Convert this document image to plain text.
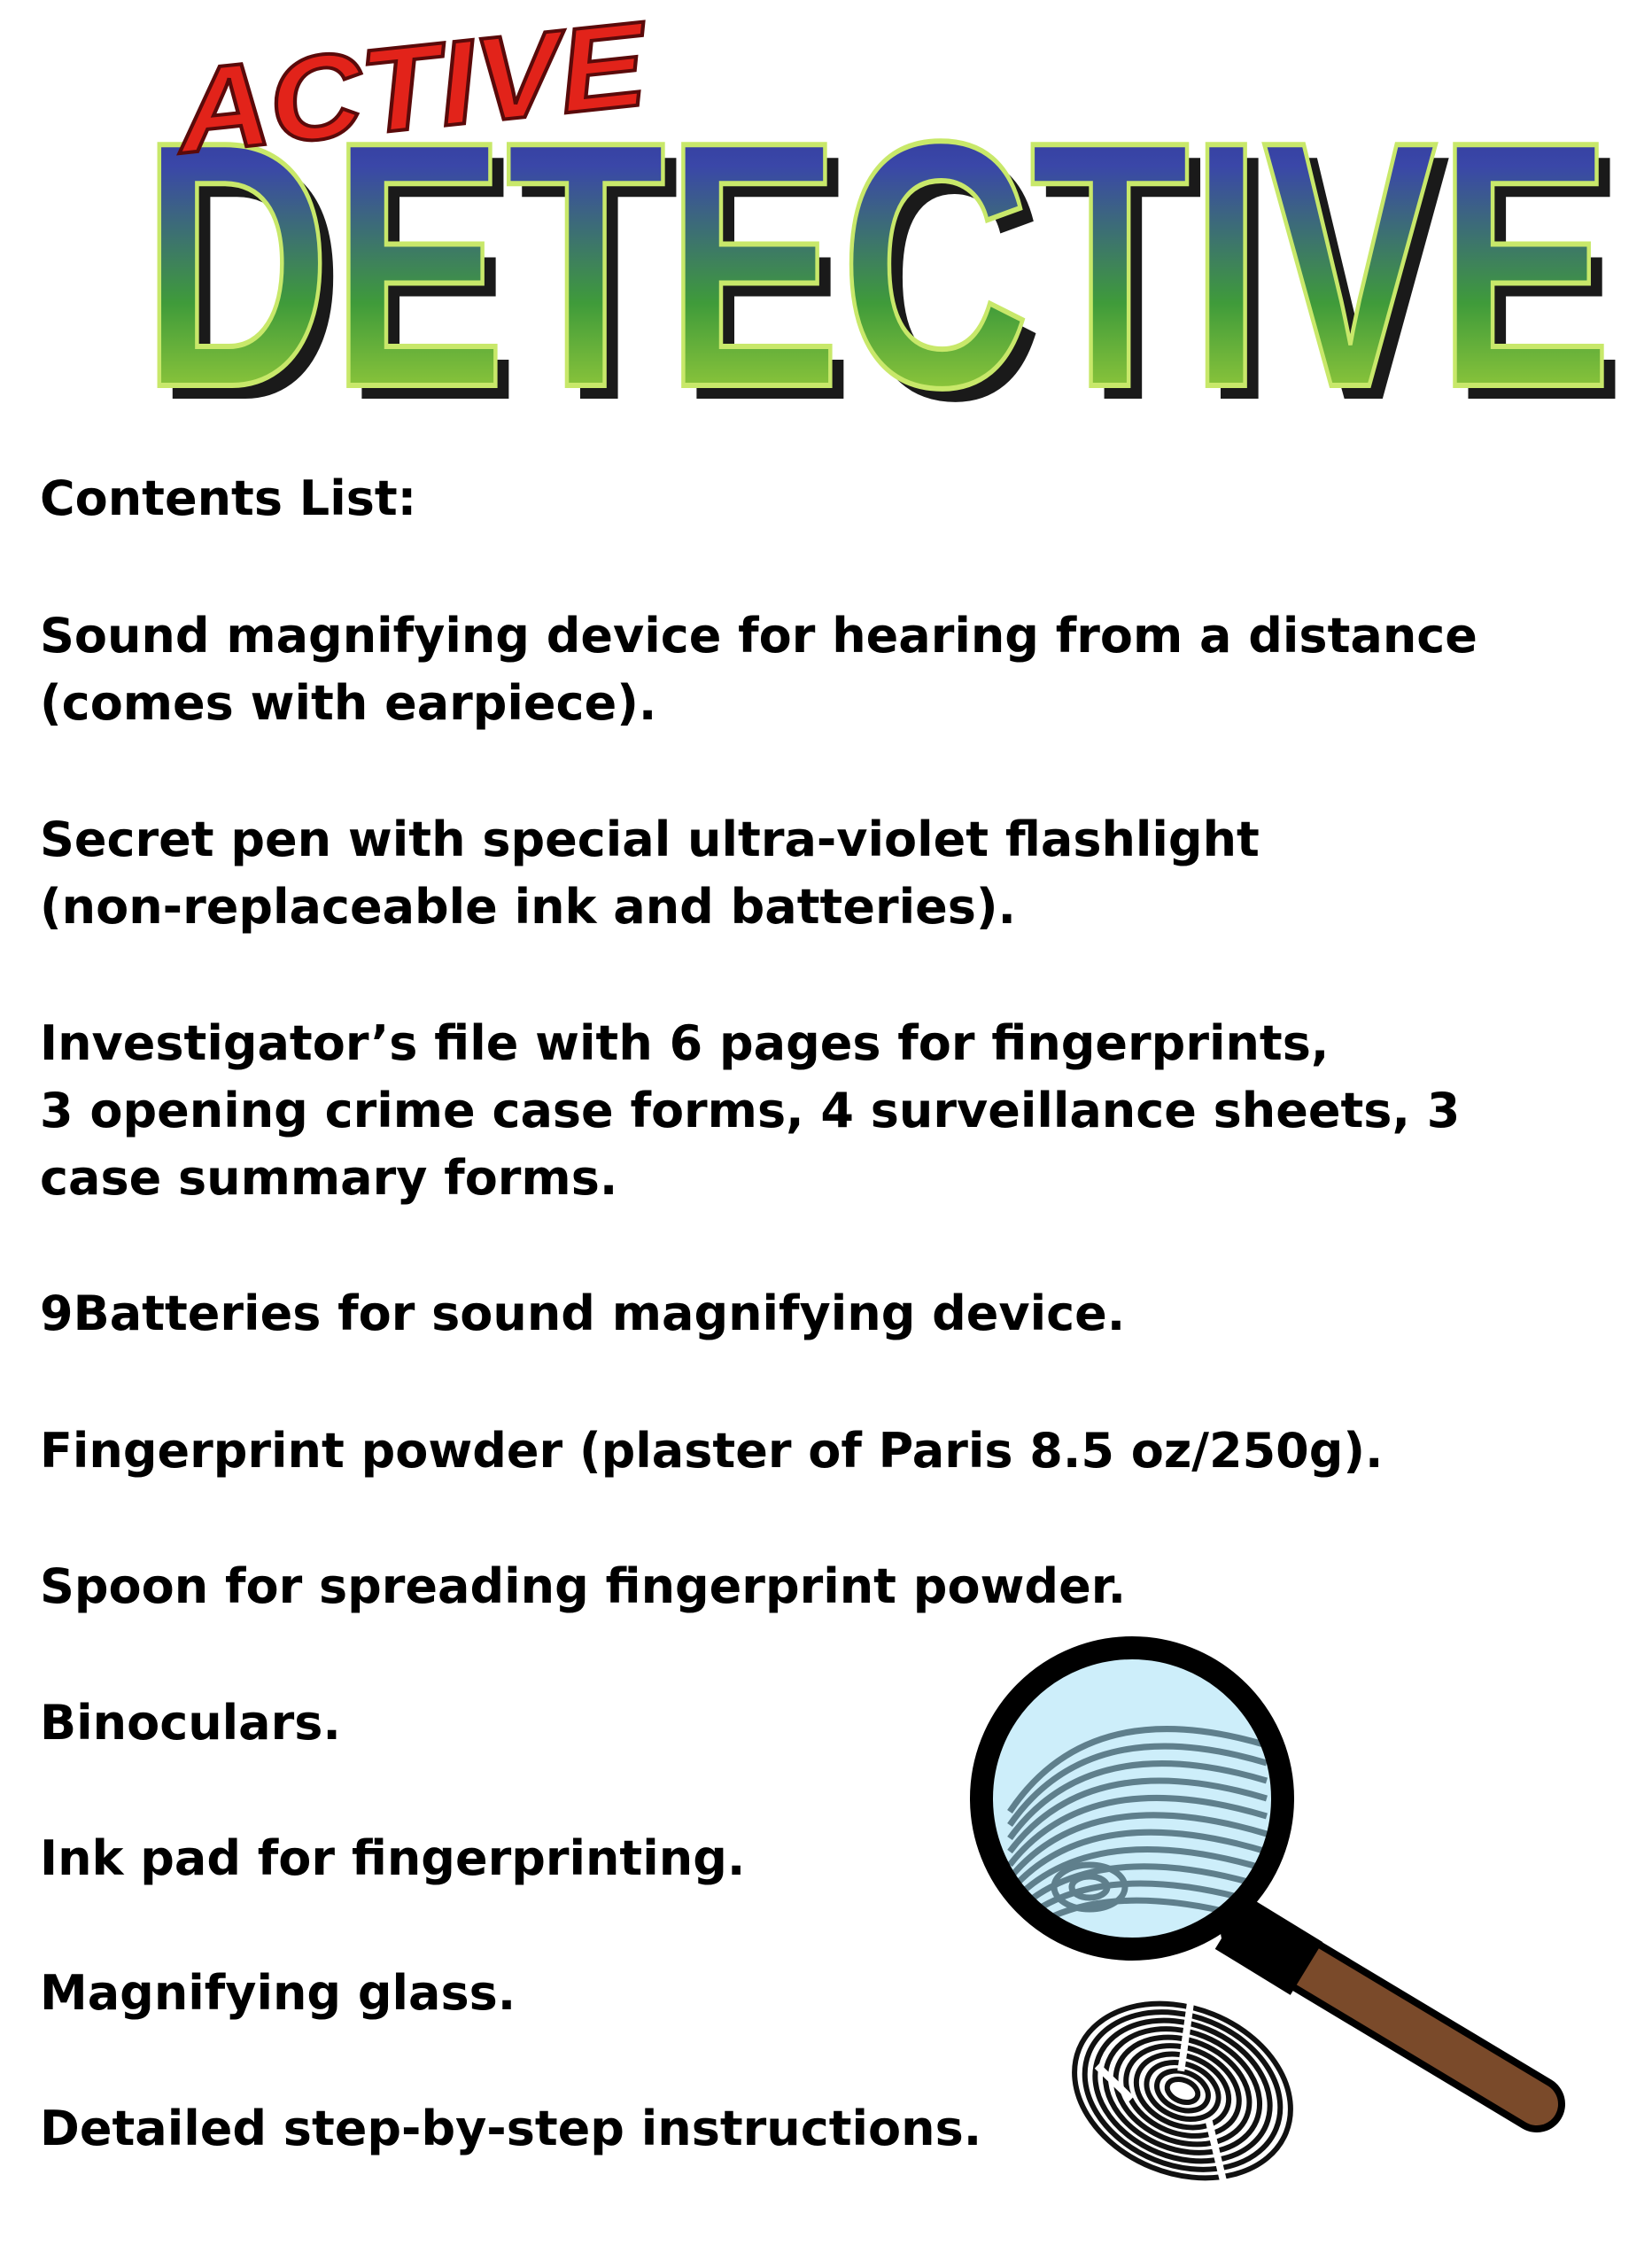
DETECTIVE
DETECTIVE
ACTIVE

Contents List:

Sound magnifying device for hearing from a distance
(comes with earpiece).

Secret pen with special ultra-violet flashlight
(non-replaceable ink and batteries).

Investigator’s file with 6 pages for fingerprints,
3 opening crime case forms, 4 surveillance sheets, 3
case summary forms.

9Batteries for sound magnifying device.

Fingerprint powder (plaster of Paris 8.5 oz/250g).

Spoon for spreading fingerprint powder.

Binoculars.

Ink pad for fingerprinting.

Magnifying glass.

Detailed step-by-step instructions.
